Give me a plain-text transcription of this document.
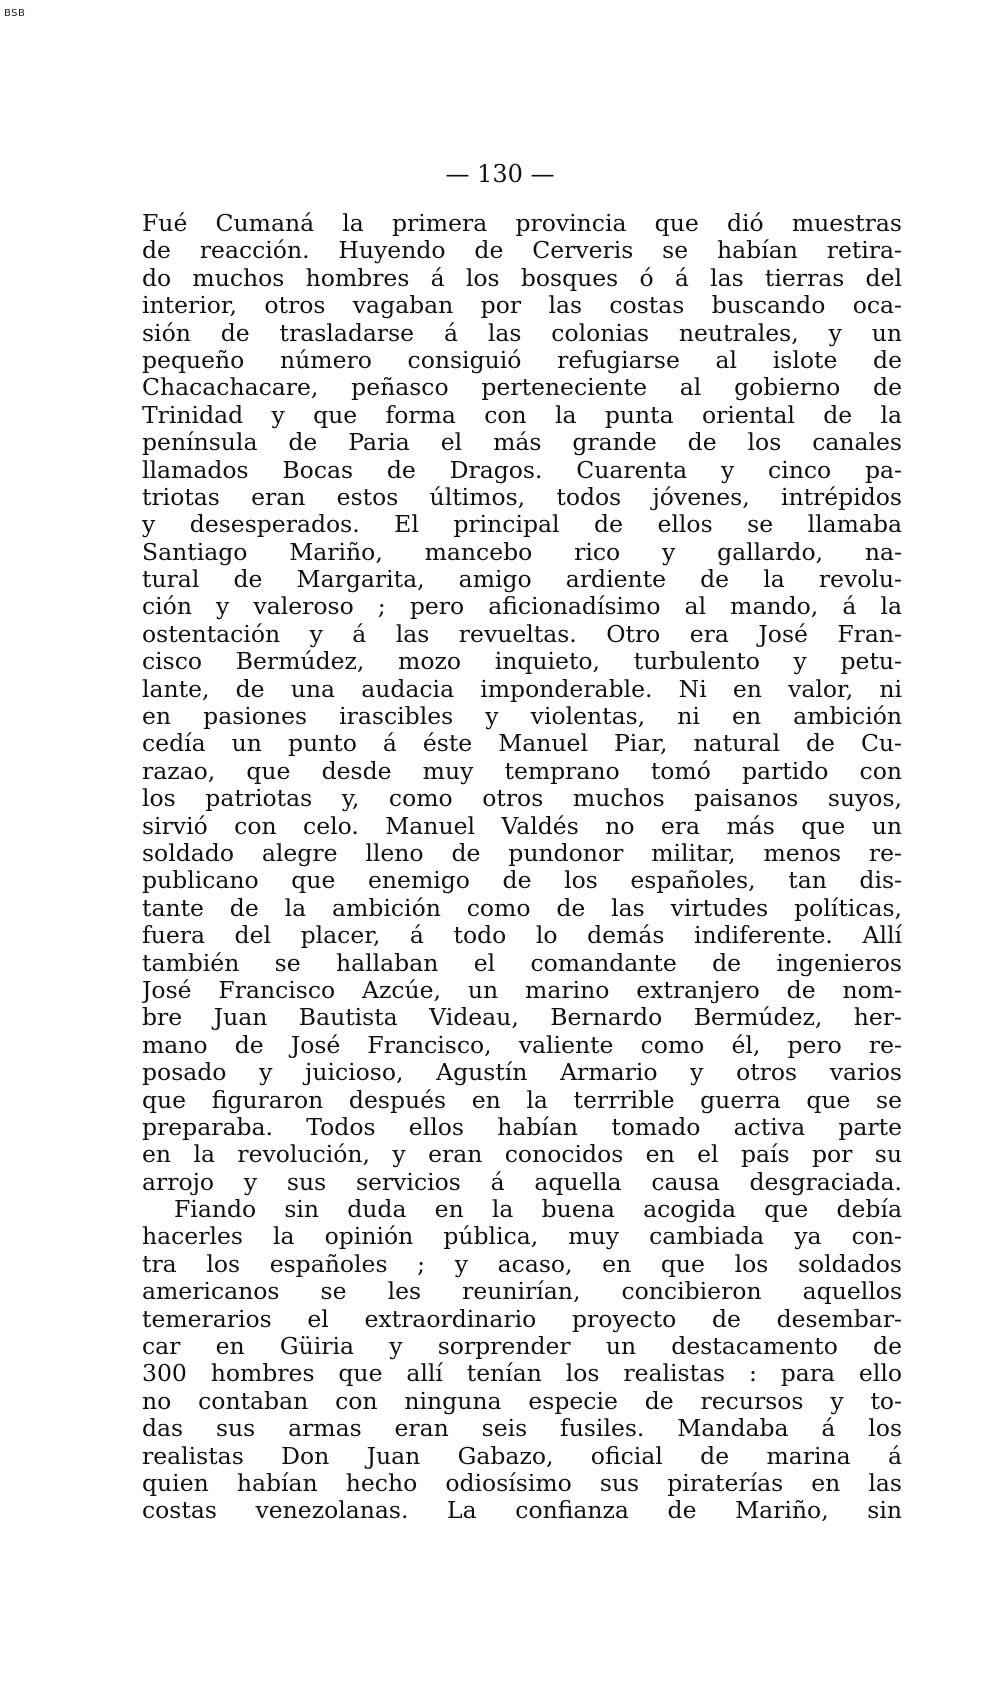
BSB
— 130 —
Fué Cumaná la primera provincia que dió muestras
de reacción. Huyendo de Cerveris se habían retira-
do muchos hombres á los bosques ó á las tierras del
interior, otros vagaban por las costas buscando oca-
sión de trasladarse á las colonias neutrales, y un
pequeño número consiguió refugiarse al islote de
Chacachacare, peñasco perteneciente al gobierno de
Trinidad y que forma con la punta oriental de la
península de Paria el más grande de los canales
llamados Bocas de Dragos. Cuarenta y cinco pa-
triotas eran estos últimos, todos jóvenes, intrépidos
y desesperados. El principal de ellos se llamaba
Santiago Mariño, mancebo rico y gallardo, na-
tural de Margarita, amigo ardiente de la revolu-
ción y valeroso ; pero aficionadísimo al mando, á la
ostentación y á las revueltas. Otro era José Fran-
cisco Bermúdez, mozo inquieto, turbulento y petu-
lante, de una audacia imponderable. Ni en valor, ni
en pasiones irascibles y violentas, ni en ambición
cedía un punto á éste Manuel Piar, natural de Cu-
razao, que desde muy temprano tomó partido con
los patriotas y, como otros muchos paisanos suyos,
sirvió con celo. Manuel Valdés no era más que un
soldado alegre lleno de pundonor militar, menos re-
publicano que enemigo de los españoles, tan dis-
tante de la ambición como de las virtudes políticas,
fuera del placer, á todo lo demás indiferente. Allí
también se hallaban el comandante de ingenieros
José Francisco Azcúe, un marino extranjero de nom-
bre Juan Bautista Videau, Bernardo Bermúdez, her-
mano de José Francisco, valiente como él, pero re-
posado y juicioso, Agustín Armario y otros varios
que figuraron después en la terrrible guerra que se
preparaba. Todos ellos habían tomado activa parte
en la revolución, y eran conocidos en el país por su
arrojo y sus servicios á aquella causa desgraciada.
Fiando sin duda en la buena acogida que debía
hacerles la opinión pública, muy cambiada ya con-
tra los españoles ; y acaso, en que los soldados
americanos se les reunirían, concibieron aquellos
temerarios el extraordinario proyecto de desembar-
car en Güiria y sorprender un destacamento de
300 hombres que allí tenían los realistas : para ello
no contaban con ninguna especie de recursos y to-
das sus armas eran seis fusiles. Mandaba á los
realistas Don Juan Gabazo, oficial de marina á
quien habían hecho odiosísimo sus piraterías en las
costas venezolanas. La confianza de Mariño, sin
